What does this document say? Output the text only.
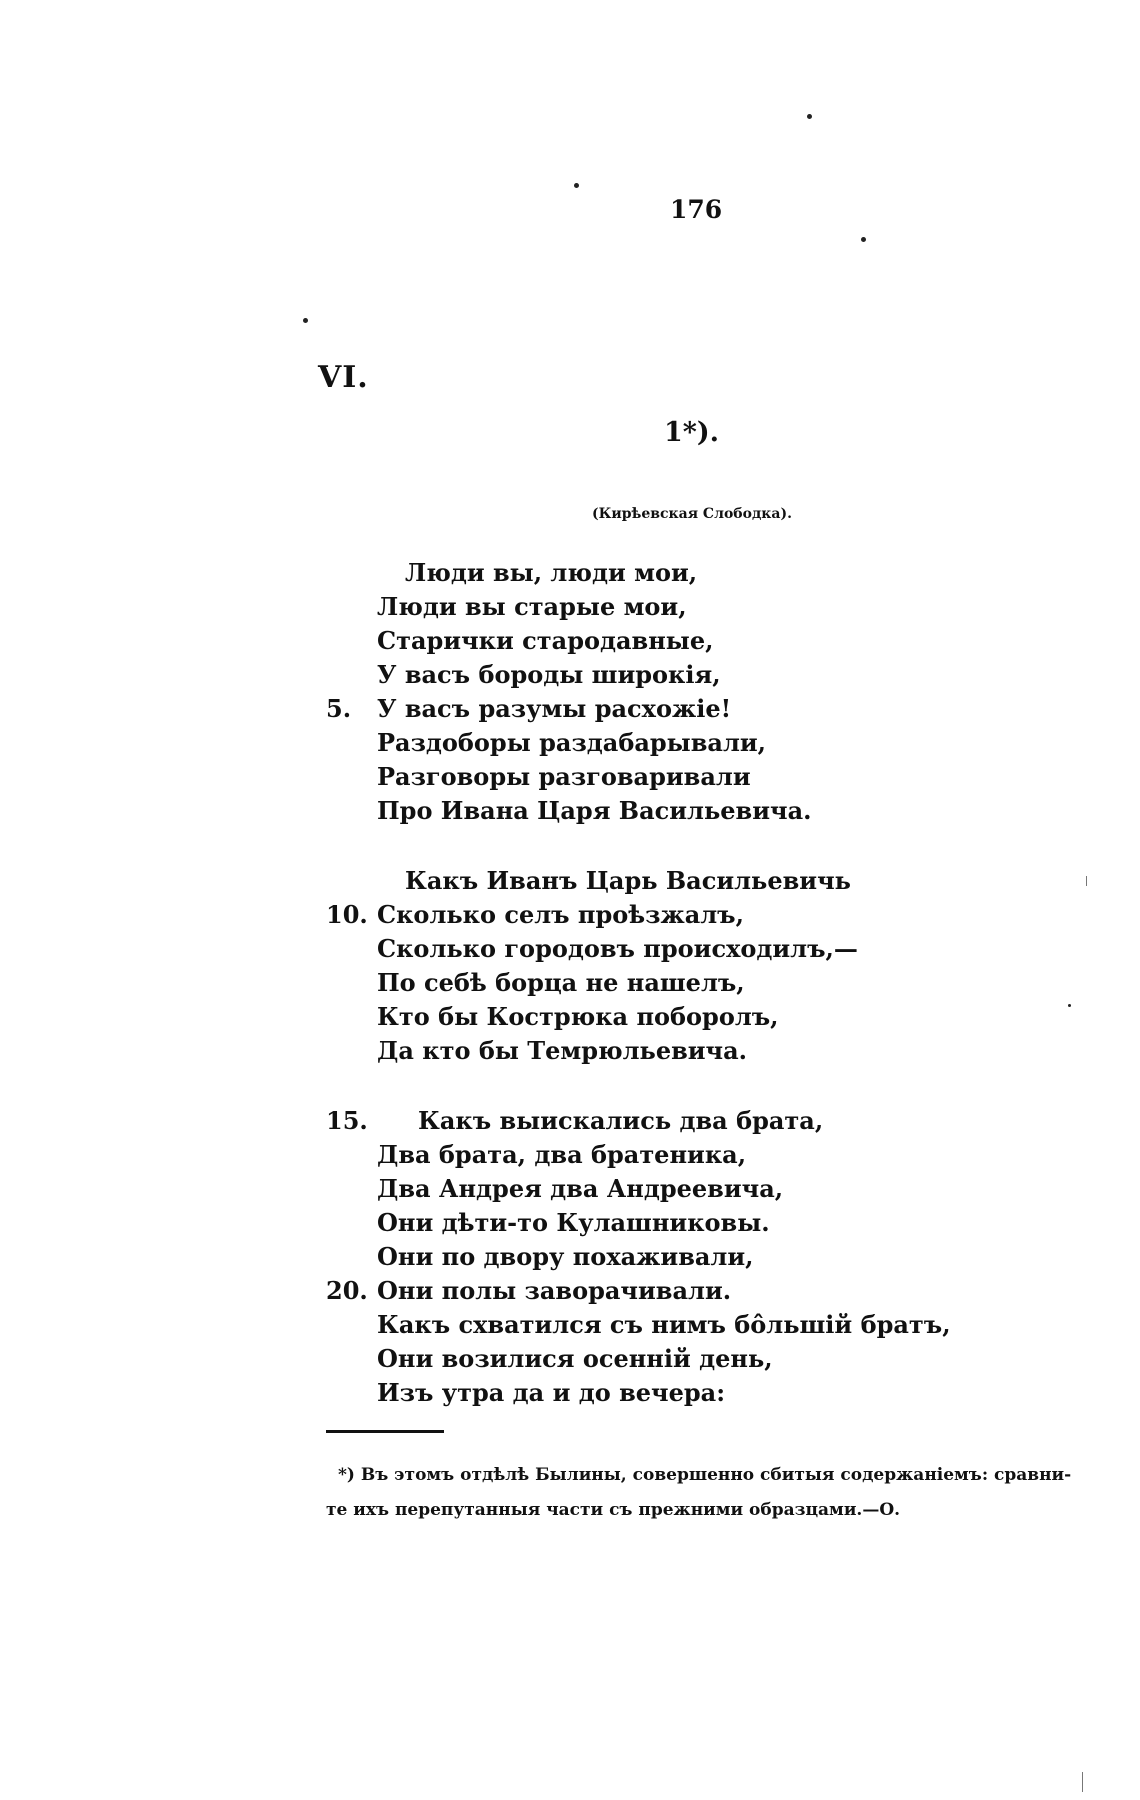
176
VI.
1*).
(Кирѣевская Слободка).
Люди вы, люди мои,
Люди вы старые мои,
Старички стародавные,
У васъ бороды широкія,
5.	У васъ разумы расхожіе!
Раздоборы раздабарывали,
Разговоры разговаривали
Про Ивана Царя Васильевича.
Какъ Иванъ Царь Васильевичь
10. Сколько селъ проѣзжалъ,
Сколько городовъ происходилъ,—
По себѣ борца не нашелъ,
Кто бы Кострюка поборолъ,
Да кто бы Темрюльевича.
15. Какъ выискались два брата,
Два брата, два братеника,
Два Андрея два Андреевича,
Они дѣти-то Кулашниковы.
Они по двору похаживали,
20. Они полы заворачивали.
Какъ схватился съ нимъ бо̂льшій братъ,
Они возилися осенній день,
Изъ утра да и до вечера:
*) Въ этомъ отдѣлѣ Былины, совершенно сбитыя содержаніемъ: сравни-
те ихъ перепутанныя части съ прежними образцами.—О.
